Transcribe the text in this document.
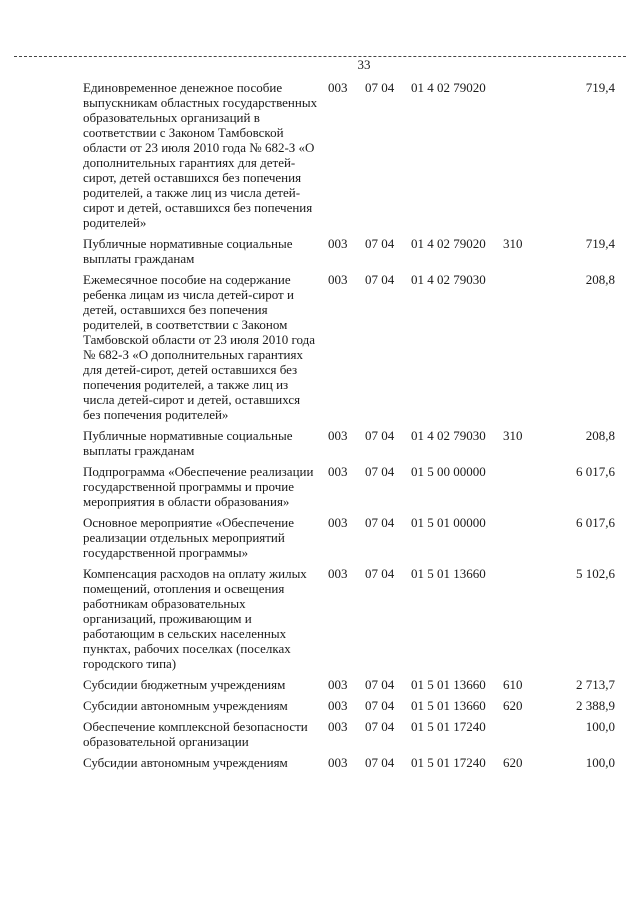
33
Единовременное денежное пособие выпускникам областных государственных образовательных организаций в соответствии с Законом Тамбовской области от 23 июля 2010 года № 682-З «О дополнительных гарантиях для детей-сирот, детей оставшихся без попечения родителей, а также лиц из числа детей-сирот и детей, оставшихся без попечения родителей»	003	07 04	01 4 02 79020		719,4
Публичные нормативные социальные выплаты гражданам	003	07 04	01 4 02 79020	310	719,4
Ежемесячное пособие на содержание ребенка лицам из числа детей-сирот и детей, оставшихся без попечения родителей, в соответствии с Законом Тамбовской области от 23 июля 2010 года № 682-З «О дополнительных гарантиях для детей-сирот, детей оставшихся без попечения родителей, а также лиц из числа детей-сирот и детей, оставшихся без попечения родителей»	003	07 04	01 4 02 79030		208,8
Публичные нормативные социальные выплаты гражданам	003	07 04	01 4 02 79030	310	208,8
Подпрограмма «Обеспечение реализации государственной программы и прочие мероприятия в области образования»	003	07 04	01 5 00 00000		6 017,6
Основное мероприятие «Обеспечение реализации отдельных мероприятий государственной программы»	003	07 04	01 5 01 00000		6 017,6
Компенсация расходов на оплату жилых помещений, отопления и освещения работникам образовательных организаций, проживающим и работающим в сельских населенных пунктах, рабочих поселках (поселках городского типа)	003	07 04	01 5 01 13660		5 102,6
Субсидии бюджетным учреждениям	003	07 04	01 5 01 13660	610	2 713,7
Субсидии автономным учреждениям	003	07 04	01 5 01 13660	620	2 388,9
Обеспечение комплексной безопасности образовательной организации	003	07 04	01 5 01 17240		100,0
Субсидии автономным учреждениям	003	07 04	01 5 01 17240	620	100,0
